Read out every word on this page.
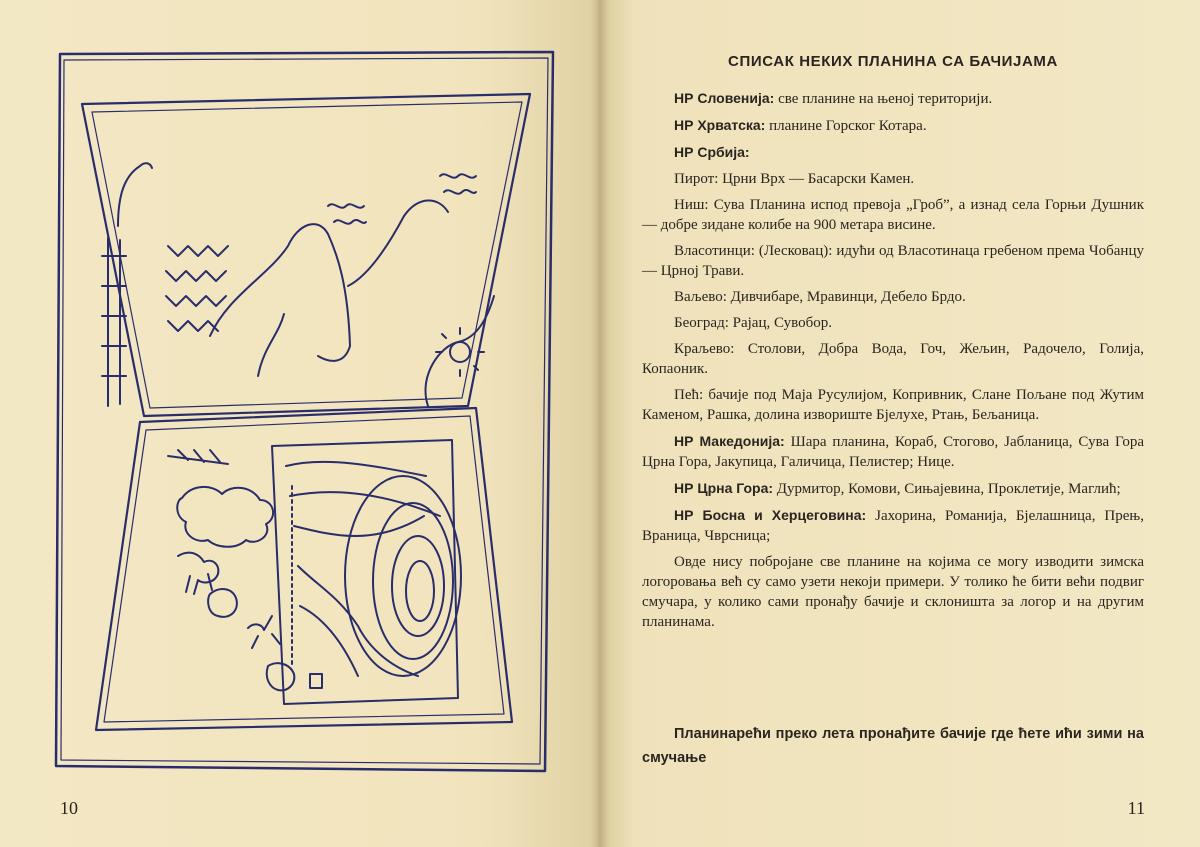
10
СПИСАК НЕКИХ ПЛАНИНА СА БАЧИЈАМА

НР Словенија: све планине на њеној територији.

НР Хрватска: планине Горског Котара.

НР Србија:

Пирот: Црни Врх — Басарски Камен.

Ниш: Сува Планина испод превоја „Гроб”, а изнад села Горњи Душник — добре зидане колибе на 900 метара висине.

Власотинци: (Лесковац): идући од Власотинаца гребеном према Чобанцу — Црној Трави.

Ваљево: Дивчибаре, Мравинци, Дебело Брдо.

Београд: Рајац, Сувобор.

Краљево: Столови, Добра Вода, Гоч, Жељин, Радочело, Голија, Копаоник.

Пећ: бачије под Маја Русулијом, Копривник, Слане Пољане под Жутим Каменом, Рашка, долина извориште Бјелухе, Ртањ, Бељаница.

НР Македонија: Шара планина, Кораб, Стогово, Јабланица, Сува Гора Црна Гора, Јакупица, Галичица, Пелистер; Нице.

НР Црна Гора: Дурмитор, Комови, Сињајевина, Проклетије, Маглић;

НР Босна и Херцеговина: Јахорина, Романија, Бјелашница, Прењ, Враница, Чврсница;

Овде нису побројане све планине на којима се могу изводити зимска логоровања већ су само узети некоји примери. У толико ће бити већи подвиг смучара, у колико сами пронађу бачије и склоништа за логор и на другим планинама.

Планинарећи преко лета пронађите бачије где ћете ићи зими на смучање
11
